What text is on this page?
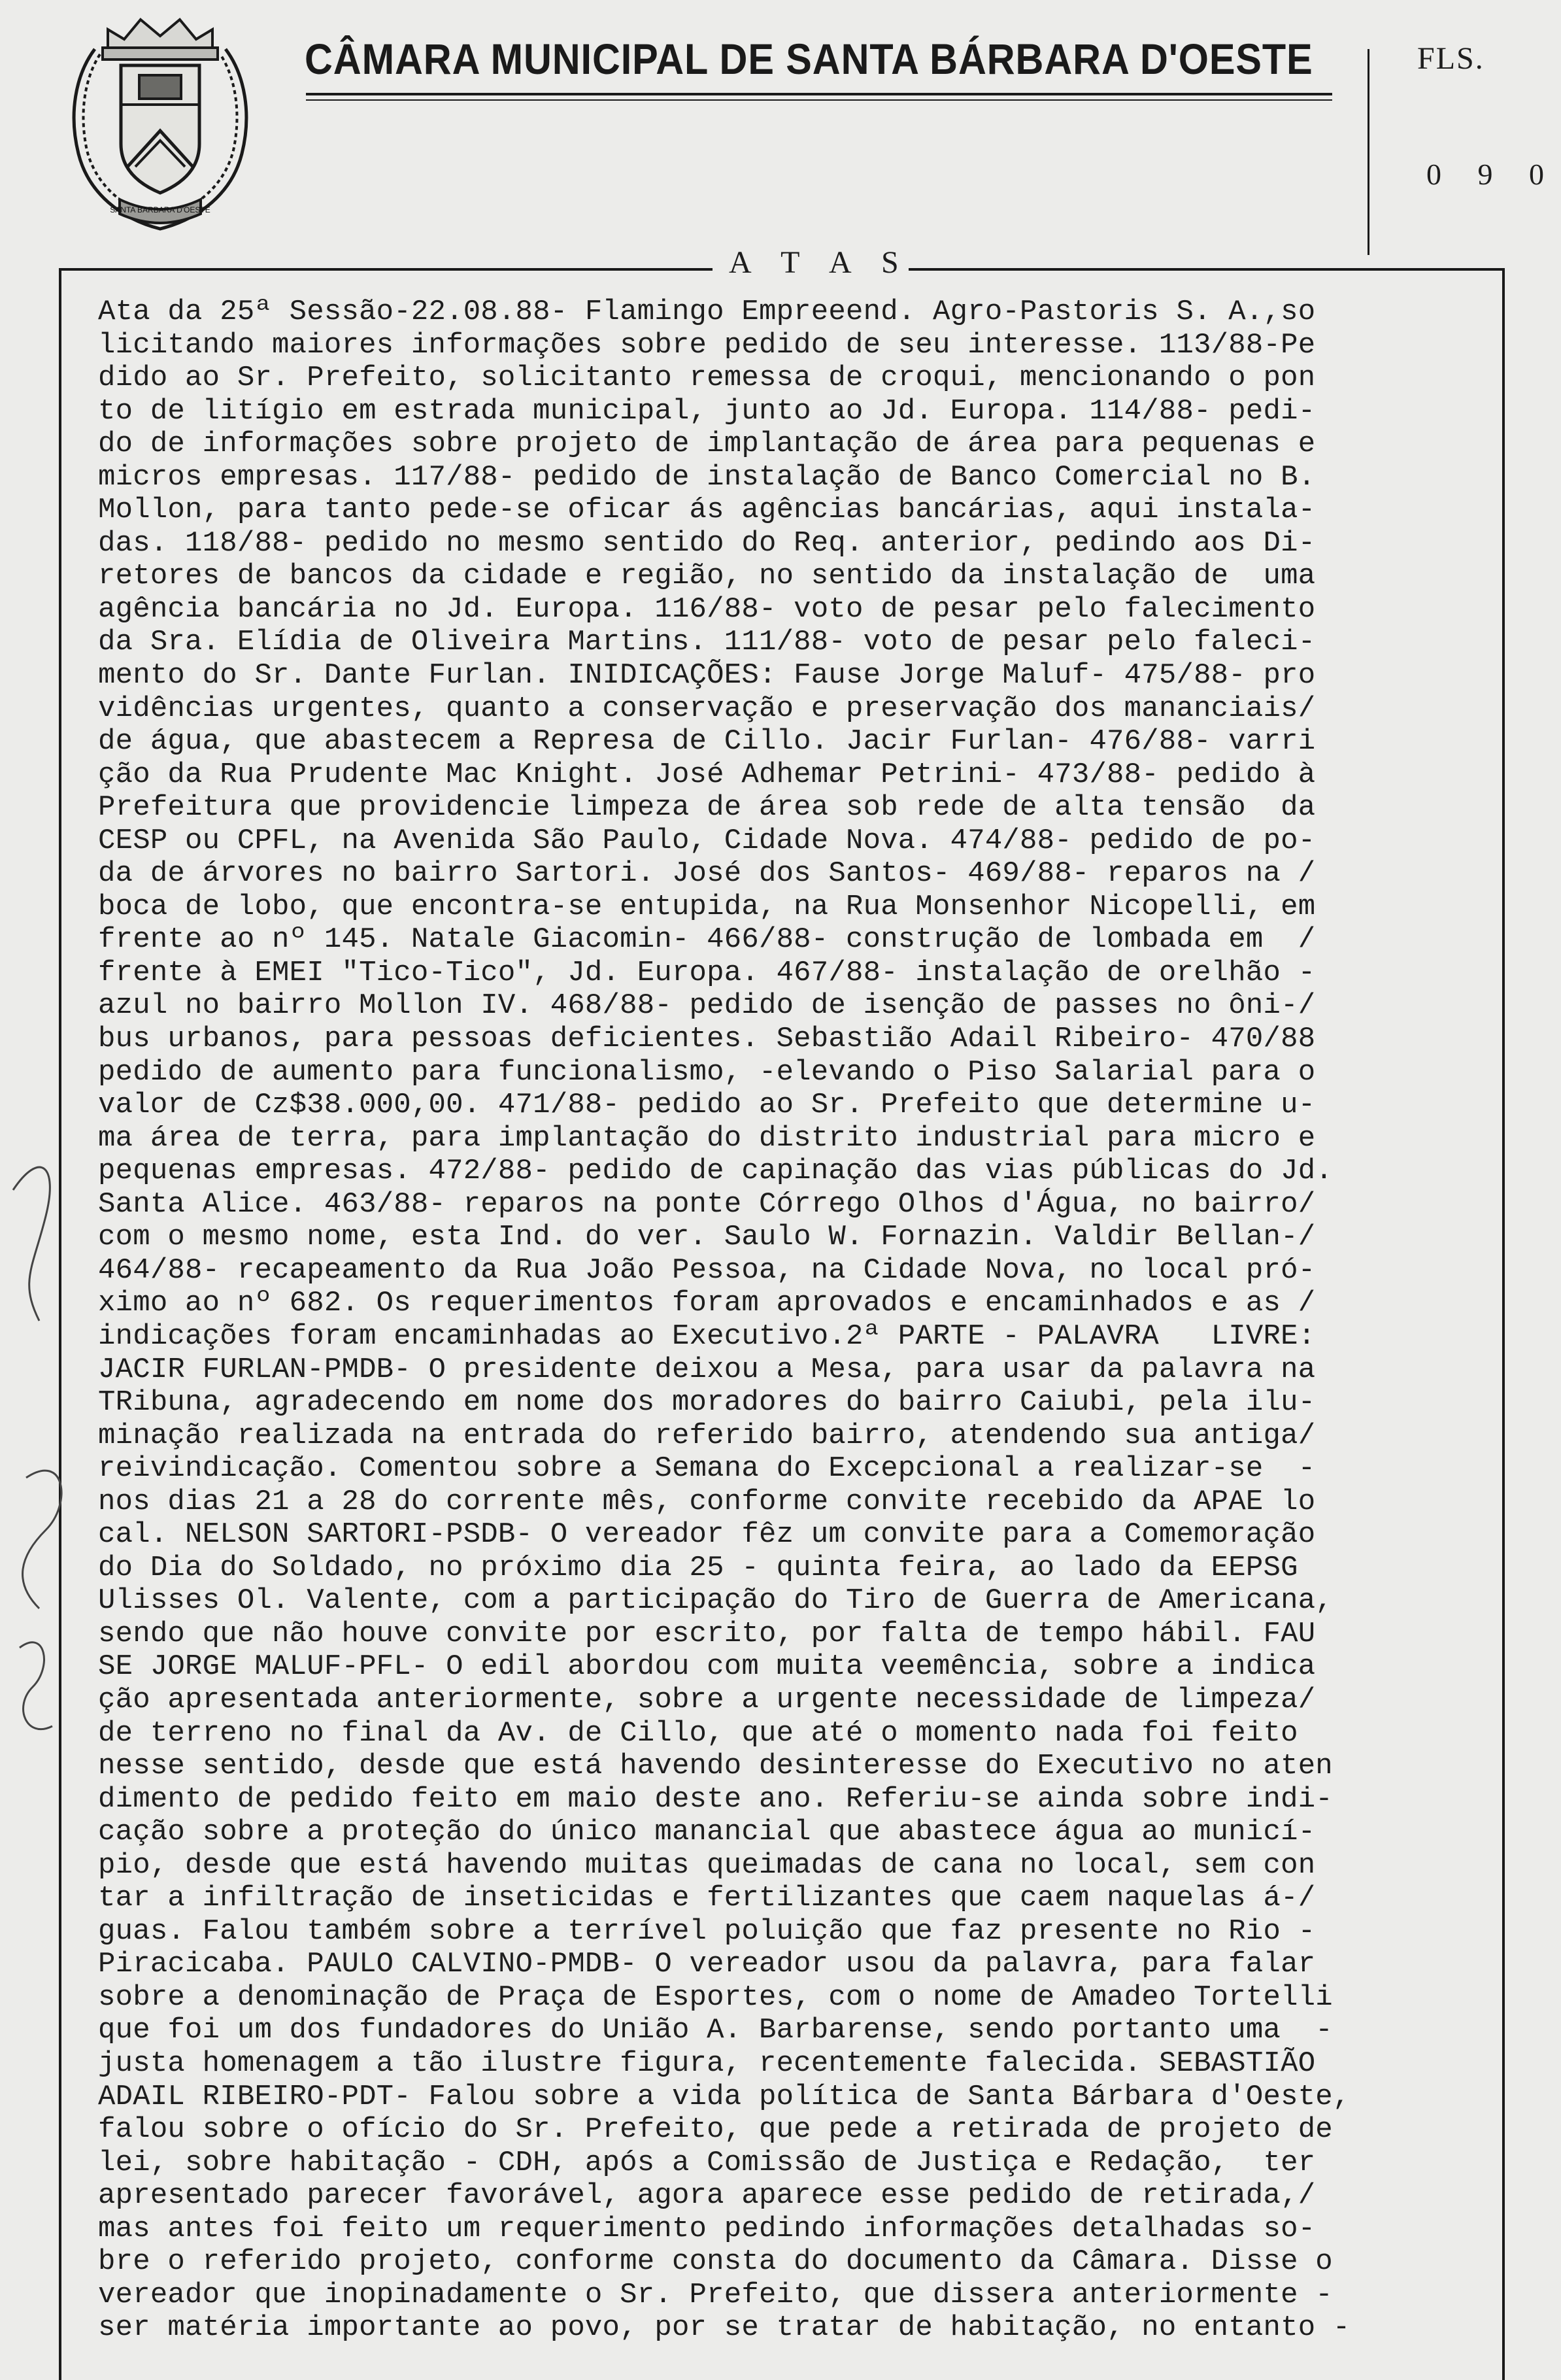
SANTA BARBARA D'OESTE
CÂMARA MUNICIPAL DE SANTA BÁRBARA D'OESTE	FLS.
0 9 0
A T A S
Ata da 25ª Sessão-22.08.88- Flamingo Empreeend. Agro-Pastoris S. A.,so
licitando maiores informações sobre pedido de seu interesse. 113/88-Pe
dido ao Sr. Prefeito, solicitanto remessa de croqui, mencionando o pon
to de litígio em estrada municipal, junto ao Jd. Europa. 114/88- pedi-
do de informações sobre projeto de implantação de área para pequenas e
micros empresas. 117/88- pedido de instalação de Banco Comercial no B.
Mollon, para tanto pede-se oficar ás agências bancárias, aqui instala-
das. 118/88- pedido no mesmo sentido do Req. anterior, pedindo aos Di-
retores de bancos da cidade e região, no sentido da instalação de  uma
agência bancária no Jd. Europa. 116/88- voto de pesar pelo falecimento
da Sra. Elídia de Oliveira Martins. 111/88- voto de pesar pelo faleci-
mento do Sr. Dante Furlan. INIDICAÇÕES: Fause Jorge Maluf- 475/88- pro
vidências urgentes, quanto a conservação e preservação dos mananciais/
de água, que abastecem a Represa de Cillo. Jacir Furlan- 476/88- varri
ção da Rua Prudente Mac Knight. José Adhemar Petrini- 473/88- pedido à
Prefeitura que providencie limpeza de área sob rede de alta tensão  da
CESP ou CPFL, na Avenida São Paulo, Cidade Nova. 474/88- pedido de po-
da de árvores no bairro Sartori. José dos Santos- 469/88- reparos na /
boca de lobo, que encontra-se entupida, na Rua Monsenhor Nicopelli, em
frente ao nº 145. Natale Giacomin- 466/88- construção de lombada em  /
frente à EMEI "Tico-Tico", Jd. Europa. 467/88- instalação de orelhão -
azul no bairro Mollon IV. 468/88- pedido de isenção de passes no ôni-/
bus urbanos, para pessoas deficientes. Sebastião Adail Ribeiro- 470/88
pedido de aumento para funcionalismo, -elevando o Piso Salarial para o
valor de Cz$38.000,00. 471/88- pedido ao Sr. Prefeito que determine u-
ma área de terra, para implantação do distrito industrial para micro e
pequenas empresas. 472/88- pedido de capinação das vias públicas do Jd.
Santa Alice. 463/88- reparos na ponte Córrego Olhos d'Água, no bairro/
com o mesmo nome, esta Ind. do ver. Saulo W. Fornazin. Valdir Bellan-/
464/88- recapeamento da Rua João Pessoa, na Cidade Nova, no local pró-
ximo ao nº 682. Os requerimentos foram aprovados e encaminhados e as /
indicações foram encaminhadas ao Executivo.2ª PARTE - PALAVRA   LIVRE:
JACIR FURLAN-PMDB- O presidente deixou a Mesa, para usar da palavra na
TRibuna, agradecendo em nome dos moradores do bairro Caiubi, pela ilu-
minação realizada na entrada do referido bairro, atendendo sua antiga/
reivindicação. Comentou sobre a Semana do Excepcional a realizar-se  -
nos dias 21 a 28 do corrente mês, conforme convite recebido da APAE lo
cal. NELSON SARTORI-PSDB- O vereador fêz um convite para a Comemoração
do Dia do Soldado, no próximo dia 25 - quinta feira, ao lado da EEPSG
Ulisses Ol. Valente, com a participação do Tiro de Guerra de Americana,
sendo que não houve convite por escrito, por falta de tempo hábil. FAU
SE JORGE MALUF-PFL- O edil abordou com muita veemência, sobre a indica
ção apresentada anteriormente, sobre a urgente necessidade de limpeza/
de terreno no final da Av. de Cillo, que até o momento nada foi feito
nesse sentido, desde que está havendo desinteresse do Executivo no aten
dimento de pedido feito em maio deste ano. Referiu-se ainda sobre indi-
cação sobre a proteção do único manancial que abastece água ao municí-
pio, desde que está havendo muitas queimadas de cana no local, sem con
tar a infiltração de inseticidas e fertilizantes que caem naquelas á-/
guas. Falou também sobre a terrível poluição que faz presente no Rio -
Piracicaba. PAULO CALVINO-PMDB- O vereador usou da palavra, para falar
sobre a denominação de Praça de Esportes, com o nome de Amadeo Tortelli
que foi um dos fundadores do União A. Barbarense, sendo portanto uma  -
justa homenagem a tão ilustre figura, recentemente falecida. SEBASTIÃO
ADAIL RIBEIRO-PDT- Falou sobre a vida política de Santa Bárbara d'Oeste,
falou sobre o ofício do Sr. Prefeito, que pede a retirada de projeto de
lei, sobre habitação - CDH, após a Comissão de Justiça e Redação,  ter
apresentado parecer favorável, agora aparece esse pedido de retirada,/
mas antes foi feito um requerimento pedindo informações detalhadas so-
bre o referido projeto, conforme consta do documento da Câmara. Disse o
vereador que inopinadamente o Sr. Prefeito, que dissera anteriormente -
ser matéria importante ao povo, por se tratar de habitação, no entanto -
